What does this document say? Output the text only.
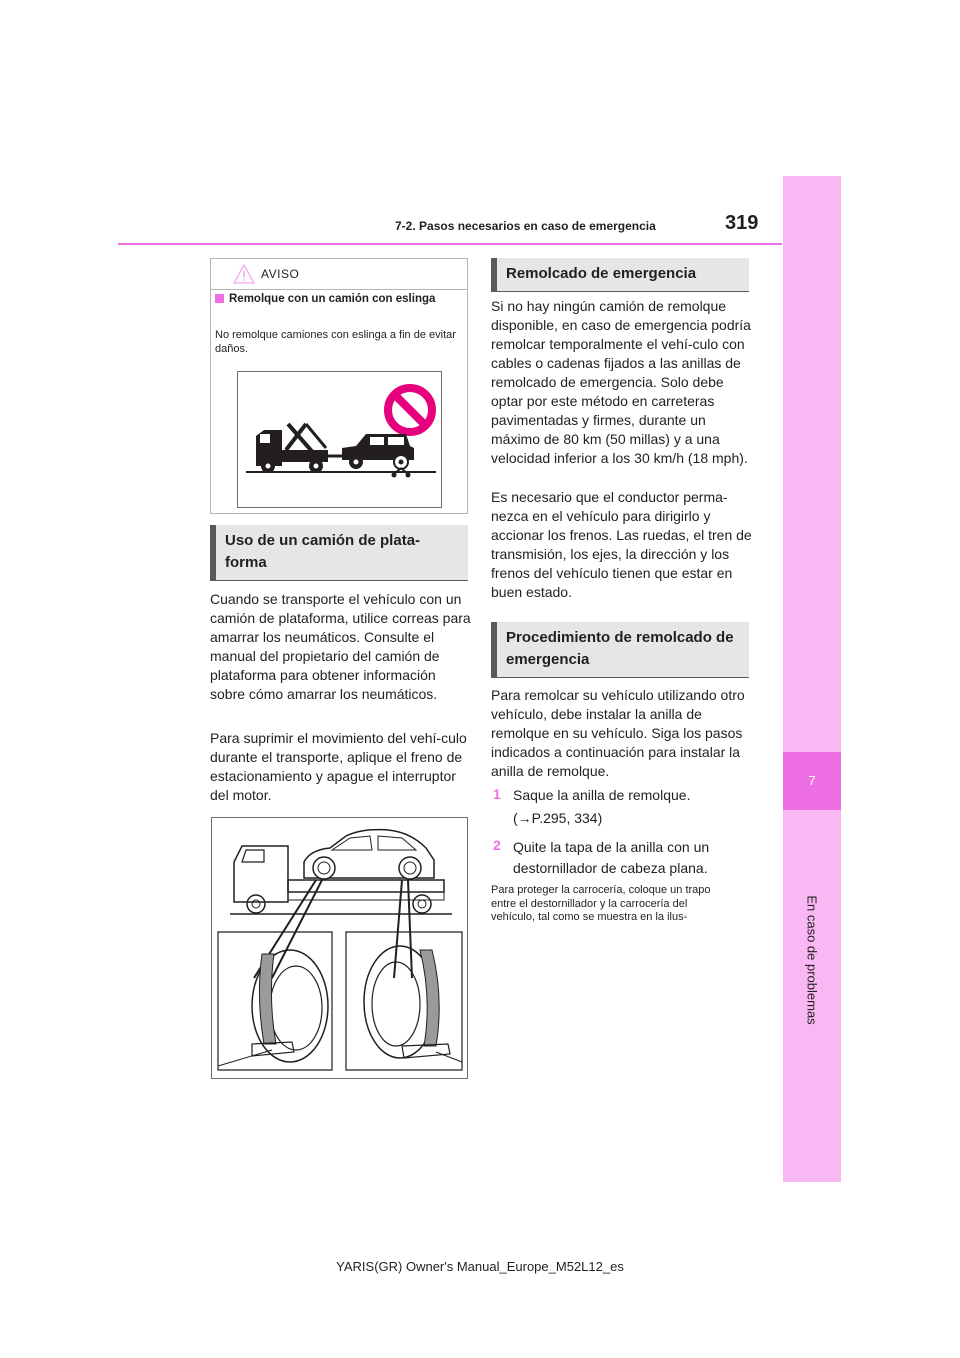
7
En caso de problemas
7-2. Pasos necesarios en caso de emergencia	319
AVISO
Remolque con un camión con eslinga
No remolque camiones con eslinga a fin de evitar daños.
Uso de un camión de plata-forma
Cuando se transporte el vehículo con un camión de plataforma, utilice correas para amarrar los neumáticos. Consulte el manual del propietario del camión de plataforma para obtener información sobre cómo amarrar los neumáticos.
Para suprimir el movimiento del vehí-culo durante el transporte, aplique el freno de estacionamiento y apague el interruptor del motor.
Remolcado de emergencia
Si no hay ningún camión de remolque disponible, en caso de emergencia podría remolcar temporalmente el vehí-culo con cables o cadenas fijados a las anillas de remolcado de emergencia. Solo debe optar por este método en carreteras pavimentadas y firmes, durante un máximo de 80 km (50 millas) y a una velocidad inferior a los 30 km/h (18 mph).
Es necesario que el conductor perma-nezca en el vehículo para dirigirlo y accionar los frenos. Las ruedas, el tren de transmisión, los ejes, la dirección y los frenos del vehículo tienen que estar en buen estado.
Procedimiento de remolcado de emergencia
Para remolcar su vehículo utilizando otro vehículo, debe instalar la anilla de remolque en su vehículo. Siga los pasos indicados a continuación para instalar la anilla de remolque.
1 Saque la anilla de remolque.
(→P.295, 334)
2 Quite la tapa de la anilla con un destornillador de cabeza plana.
Para proteger la carrocería, coloque un trapo entre el destornillador y la carrocería del vehículo, tal como se muestra en la ilus-
YARIS(GR) Owner's Manual_Europe_M52L12_es
